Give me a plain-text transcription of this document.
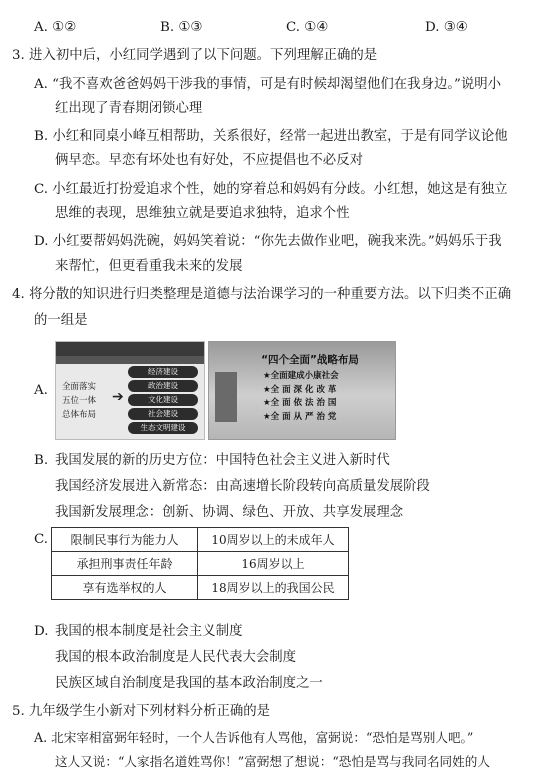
A. ①②	B. ①③	C. ①④	D. ③④
3. 进入初中后，小红同学遇到了以下问题。下列理解正确的是
A. “我不喜欢爸爸妈妈干涉我的事情，可是有时候却渴望他们在我身边。”说明小
红出现了青春期闭锁心理
B. 小红和同桌小峰互相帮助，关系很好，经常一起进出教室，于是有同学议论他
俩早恋。早恋有坏处也有好处，不应提倡也不必反对
C. 小红最近打扮爱追求个性，她的穿着总和妈妈有分歧。小红想，她这是有独立
思维的表现，思维独立就是要追求独特，追求个性
D. 小红要帮妈妈洗碗，妈妈笑着说：“你先去做作业吧，碗我来洗。”妈妈乐于我
来帮忙，但更看重我未来的发展
4. 将分散的知识进行归类整理是道德与法治课学习的一种重要方法。以下归类不正确
的一组是
A. 全面落实
五位一体
总体布局
➔
经济建设
政治建设
文化建设
社会建设
生态文明建设
“四个全面”战略布局
★全面建成小康社会
★全 面 深 化 改 革
★全 面 依 法 治 国
★全 面 从 严 治 党
B. 我国发展的新的历史方位：中国特色社会主义进入新时代
我国经济发展进入新常态：由高速增长阶段转向高质量发展阶段
我国新发展理念：创新、协调、绿色、开放、共享发展理念
C. 限制民事行为能力人	10周岁以上的未成年人
承担刑事责任年龄	16周岁以上
享有选举权的人	18周岁以上的我国公民
D. 我国的根本制度是社会主义制度
我国的根本政治制度是人民代表大会制度
民族区域自治制度是我国的基本政治制度之一
5. 九年级学生小新对下列材料分析正确的是
A. 北宋宰相富弼年轻时，一个人告诉他有人骂他，富弼说：“恐怕是骂别人吧。”
这人又说：“人家指名道姓骂你！”富弼想了想说：“恐怕是骂与我同名同姓的人
